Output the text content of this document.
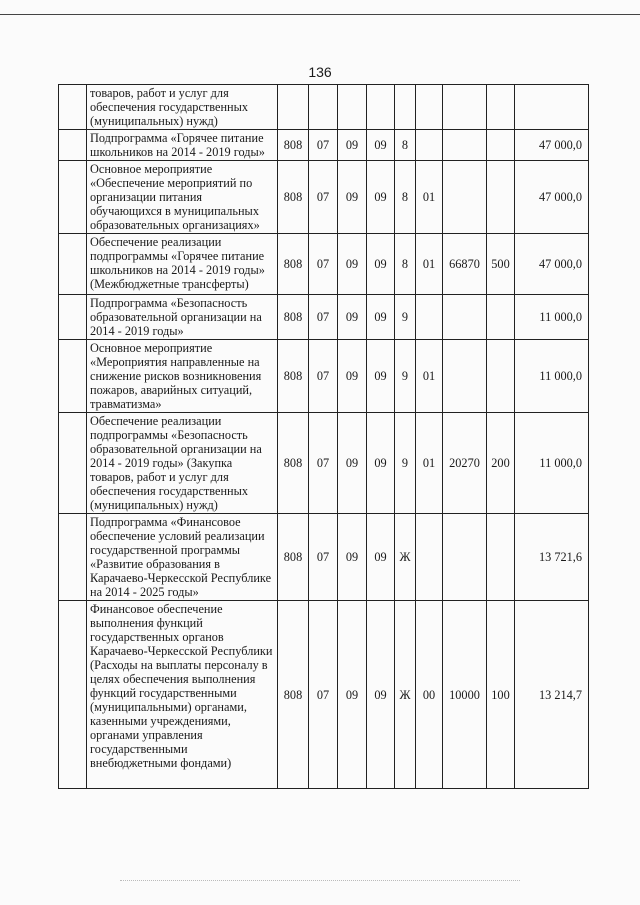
136
	товаров, работ и услуг для обеспечения государственных (муниципальных) нужд)									
	Подпрограмма «Горячее питание школьников на 2014 - 2019 годы»	808	07	09	09	8				47 000,0
	Основное мероприятие «Обеспечение мероприятий по организации питания обучающихся в муниципальных образовательных организациях»	808	07	09	09	8	01			47 000,0
	Обеспечение реализации подпрограммы «Горячее питание школьников на 2014 - 2019 годы» (Межбюджетные трансферты)	808	07	09	09	8	01	66870	500	47 000,0
	Подпрограмма «Безопасность образовательной организации на 2014 - 2019 годы»	808	07	09	09	9				11 000,0
	Основное мероприятие «Мероприятия направленные на снижение рисков возникновения пожаров, аварийных ситуаций, травматизма»	808	07	09	09	9	01			11 000,0
	Обеспечение реализации подпрограммы «Безопасность образовательной организации на 2014 - 2019 годы» (Закупка товаров, работ и услуг для обеспечения государственных (муниципальных) нужд)	808	07	09	09	9	01	20270	200	11 000,0
	Подпрограмма «Финансовое обеспечение условий реализации государственной программы «Развитие образования в Карачаево-Черкесской Республике на 2014 - 2025 годы»	808	07	09	09	Ж				13 721,6
	Финансовое обеспечение выполнения функций государственных органов Карачаево-Черкесской Республики (Расходы на выплаты персоналу в целях обеспечения выполнения функций государственными (муниципальными) органами, казенными учреждениями, органами управления государственными внебюджетными фондами)	808	07	09	09	Ж	00	10000	100	13 214,7
